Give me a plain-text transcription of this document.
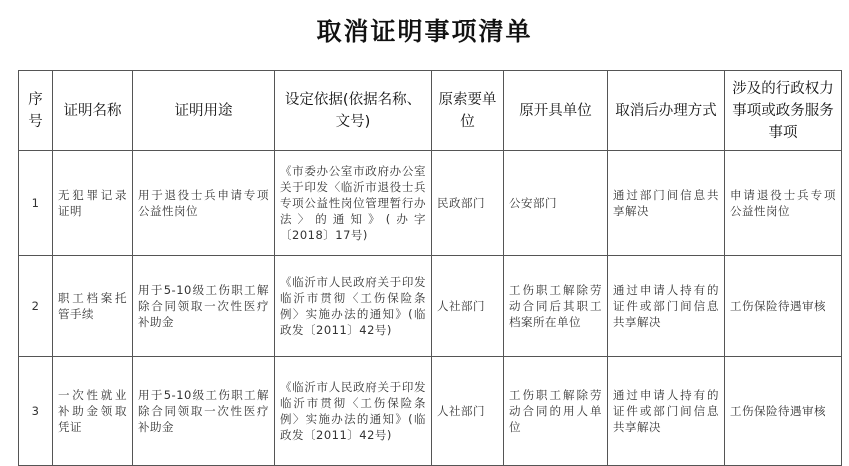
取消证明事项清单
序号	证明名称	证明用途	设定依据(依据名称、文号)	原索要单位	原开具单位	取消后办理方式	涉及的行政权力事项或政务服务事项
1	无犯罪记录证明	用于退役士兵申请专项公益性岗位	《市委办公室市政府办公室关于印发〈临沂市退役士兵专项公益性岗位管理暂行办法〉的通知》(办字〔2018〕17号)	民政部门	公安部门	通过部门间信息共享解决	申请退役士兵专项公益性岗位
2	职工档案托管手续	用于5-10级工伤职工解除合同领取一次性医疗补助金	《临沂市人民政府关于印发临沂市贯彻〈工伤保险条例〉实施办法的通知》(临政发〔2011〕42号)	人社部门	工伤职工解除劳动合同后其职工档案所在单位	通过申请人持有的证件或部门间信息共享解决	工伤保险待遇审核
3	一次性就业补助金领取凭证	用于5-10级工伤职工解除合同领取一次性医疗补助金	《临沂市人民政府关于印发临沂市贯彻〈工伤保险条例〉实施办法的通知》(临政发〔2011〕42号)	人社部门	工伤职工解除劳动合同的用人单位	通过申请人持有的证件或部门间信息共享解决	工伤保险待遇审核
